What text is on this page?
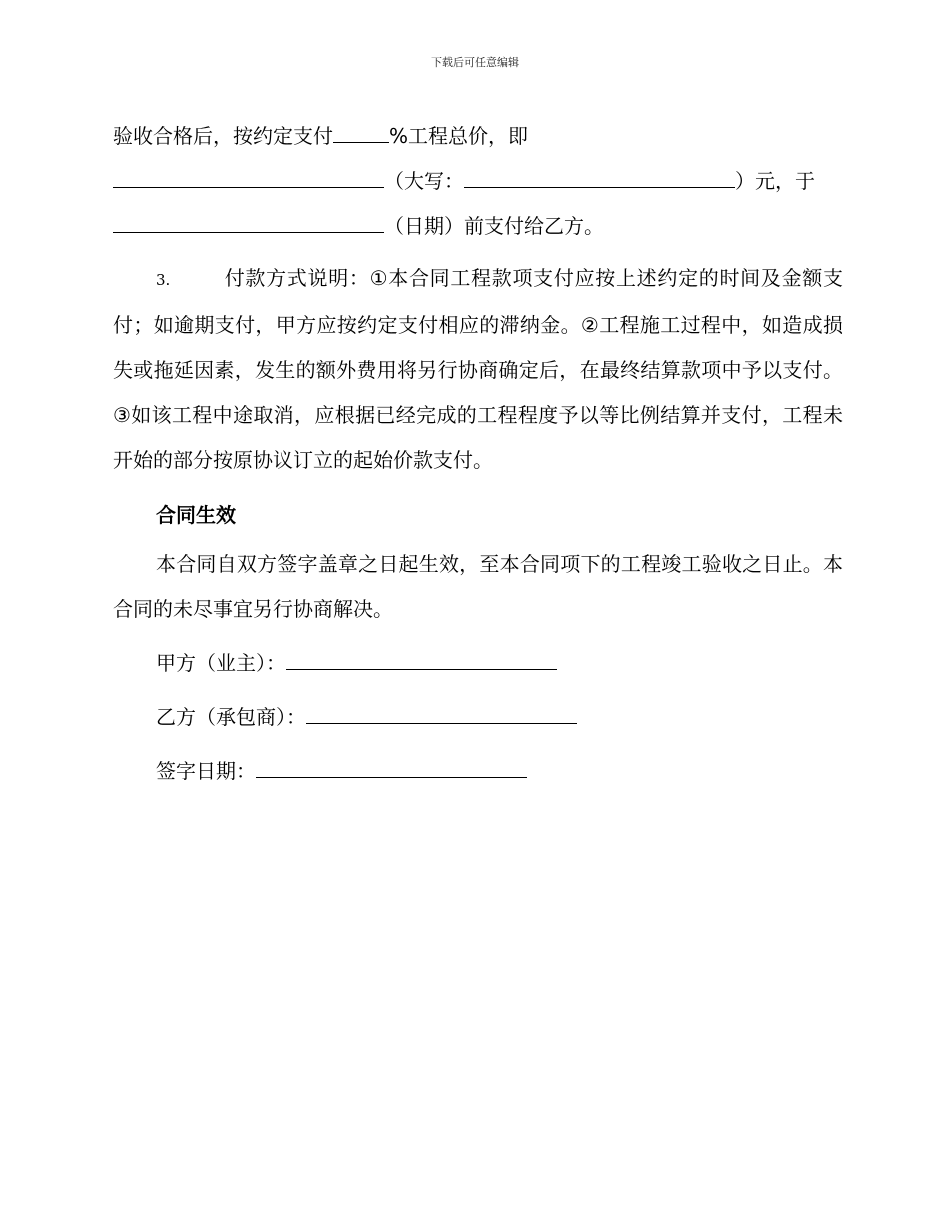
下载后可任意编辑
验收合格后，按约定支付	%工程总价，即
（大写：	）元，于
（日期）前支付给乙方。

3.	付款方式说明：①本合同工程款项支付应按上述约定的时间及金额支付；如逾期支付，甲方应按约定支付相应的滞纳金。②工程施工过程中，如造成损失或拖延因素，发生的额外费用将另行协商确定后，在最终结算款项中予以支付。③如该工程中途取消，应根据已经完成的工程程度予以等比例结算并支付，工程未开始的部分按原协议订立的起始价款支付。

合同生效

本合同自双方签字盖章之日起生效，至本合同项下的工程竣工验收之日止。本合同的未尽事宜另行协商解决。

甲方（业主）：
乙方（承包商）：
签字日期：
